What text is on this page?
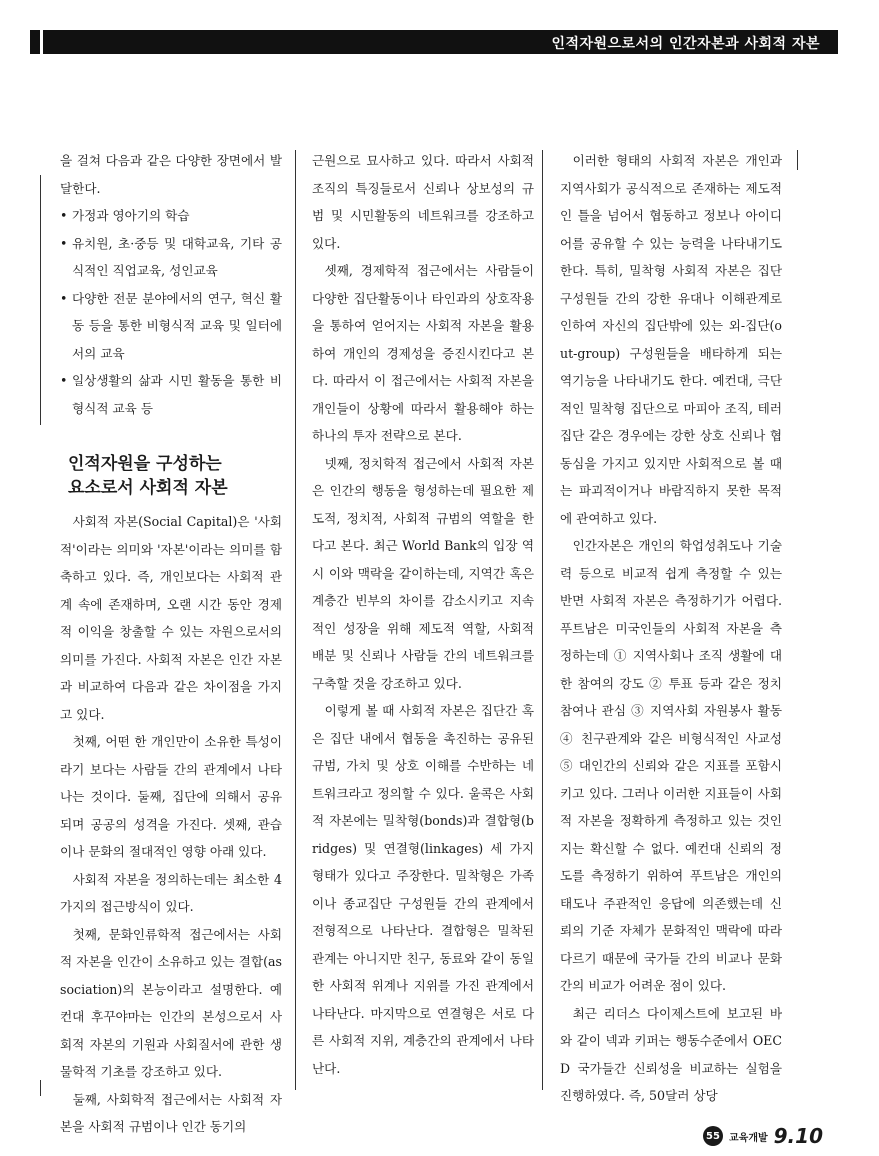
인적자원으로서의 인간자본과 사회적 자본

을 걸쳐 다음과 같은 다양한 장면에서 발달한다.

• 가정과 영아기의 학습
• 유치원, 초·중등 및 대학교육, 기타 공식적인 직업교육, 성인교육
• 다양한 전문 분야에서의 연구, 혁신 활동 등을 통한 비형식적 교육 및 일터에서의 교육
• 일상생활의 삶과 시민 활동을 통한 비형식적 교육 등
인적자원을 구성하는
요소로서 사회적 자본

사회적 자본(Social Capital)은 '사회적'이라는 의미와 '자본'이라는 의미를 함축하고 있다. 즉, 개인보다는 사회적 관계 속에 존재하며, 오랜 시간 동안 경제적 이익을 창출할 수 있는 자원으로서의 의미를 가진다. 사회적 자본은 인간 자본과 비교하여 다음과 같은 차이점을 가지고 있다.

첫째, 어떤 한 개인만이 소유한 특성이라기 보다는 사람들 간의 관계에서 나타나는 것이다. 둘째, 집단에 의해서 공유되며 공공의 성격을 가진다. 셋째, 관습이나 문화의 절대적인 영향 아래 있다.

사회적 자본을 정의하는데는 최소한 4가지의 접근방식이 있다.

첫째, 문화인류학적 접근에서는 사회적 자본을 인간이 소유하고 있는 결합(association)의 본능이라고 설명한다. 예컨대 후꾸야마는 인간의 본성으로서 사회적 자본의 기원과 사회질서에 관한 생물학적 기초를 강조하고 있다.

둘째, 사회학적 접근에서는 사회적 자본을 사회적 규범이나 인간 동기의

근원으로 묘사하고 있다. 따라서 사회적 조직의 특징들로서 신뢰나 상보성의 규범 및 시민활동의 네트워크를 강조하고 있다.

셋째, 경제학적 접근에서는 사람들이 다양한 집단활동이나 타인과의 상호작용을 통하여 얻어지는 사회적 자본을 활용하여 개인의 경제성을 증진시킨다고 본다. 따라서 이 접근에서는 사회적 자본을 개인들이 상황에 따라서 활용해야 하는 하나의 투자 전략으로 본다.

넷째, 정치학적 접근에서 사회적 자본은 인간의 행동을 형성하는데 필요한 제도적, 정치적, 사회적 규범의 역할을 한다고 본다. 최근 World Bank의 입장 역시 이와 맥락을 같이하는데, 지역간 혹은 계층간 빈부의 차이를 감소시키고 지속적인 성장을 위해 제도적 역할, 사회적 배분 및 신뢰나 사람들 간의 네트워크를 구축할 것을 강조하고 있다.

이렇게 볼 때 사회적 자본은 집단간 혹은 집단 내에서 협동을 촉진하는 공유된 규범, 가치 및 상호 이해를 수반하는 네트워크라고 정의할 수 있다. 울콕은 사회적 자본에는 밀착형(bonds)과 결합형(bridges) 및 연결형(linkages) 세 가지 형태가 있다고 주장한다. 밀착형은 가족이나 종교집단 구성원들 간의 관계에서 전형적으로 나타난다. 결합형은 밀착된 관계는 아니지만 친구, 동료와 같이 동일한 사회적 위계나 지위를 가진 관계에서 나타난다. 마지막으로 연결형은 서로 다른 사회적 지위, 계층간의 관계에서 나타난다.

이러한 형태의 사회적 자본은 개인과 지역사회가 공식적으로 존재하는 제도적인 틀을 넘어서 협동하고 정보나 아이디어를 공유할 수 있는 능력을 나타내기도 한다. 특히, 밀착형 사회적 자본은 집단 구성원들 간의 강한 유대나 이해관계로 인하여 자신의 집단밖에 있는 외-집단(out-group) 구성원들을 배타하게 되는 역기능을 나타내기도 한다. 예컨대, 극단적인 밀착형 집단으로 마피아 조직, 테러 집단 같은 경우에는 강한 상호 신뢰나 협동심을 가지고 있지만 사회적으로 볼 때는 파괴적이거나 바람직하지 못한 목적에 관여하고 있다.

인간자본은 개인의 학업성취도나 기술력 등으로 비교적 쉽게 측정할 수 있는 반면 사회적 자본은 측정하기가 어렵다. 푸트남은 미국인들의 사회적 자본을 측정하는데 ① 지역사회나 조직 생활에 대한 참여의 강도 ② 투표 등과 같은 정치 참여나 관심 ③ 지역사회 자원봉사 활동 ④ 친구관계와 같은 비형식적인 사교성 ⑤ 대인간의 신뢰와 같은 지표를 포함시키고 있다. 그러나 이러한 지표들이 사회적 자본을 정확하게 측정하고 있는 것인지는 확신할 수 없다. 예컨대 신뢰의 정도를 측정하기 위하여 푸트남은 개인의 태도나 주관적인 응답에 의존했는데 신뢰의 기준 자체가 문화적인 맥락에 따라 다르기 때문에 국가들 간의 비교나 문화간의 비교가 어려운 점이 있다.

최근 리더스 다이제스트에 보고된 바와 같이 넥과 키퍼는 행동수준에서 OECD 국가들간 신뢰성을 비교하는 실험을 진행하였다. 즉, 50달러 상당

55 교육개발 9.10
